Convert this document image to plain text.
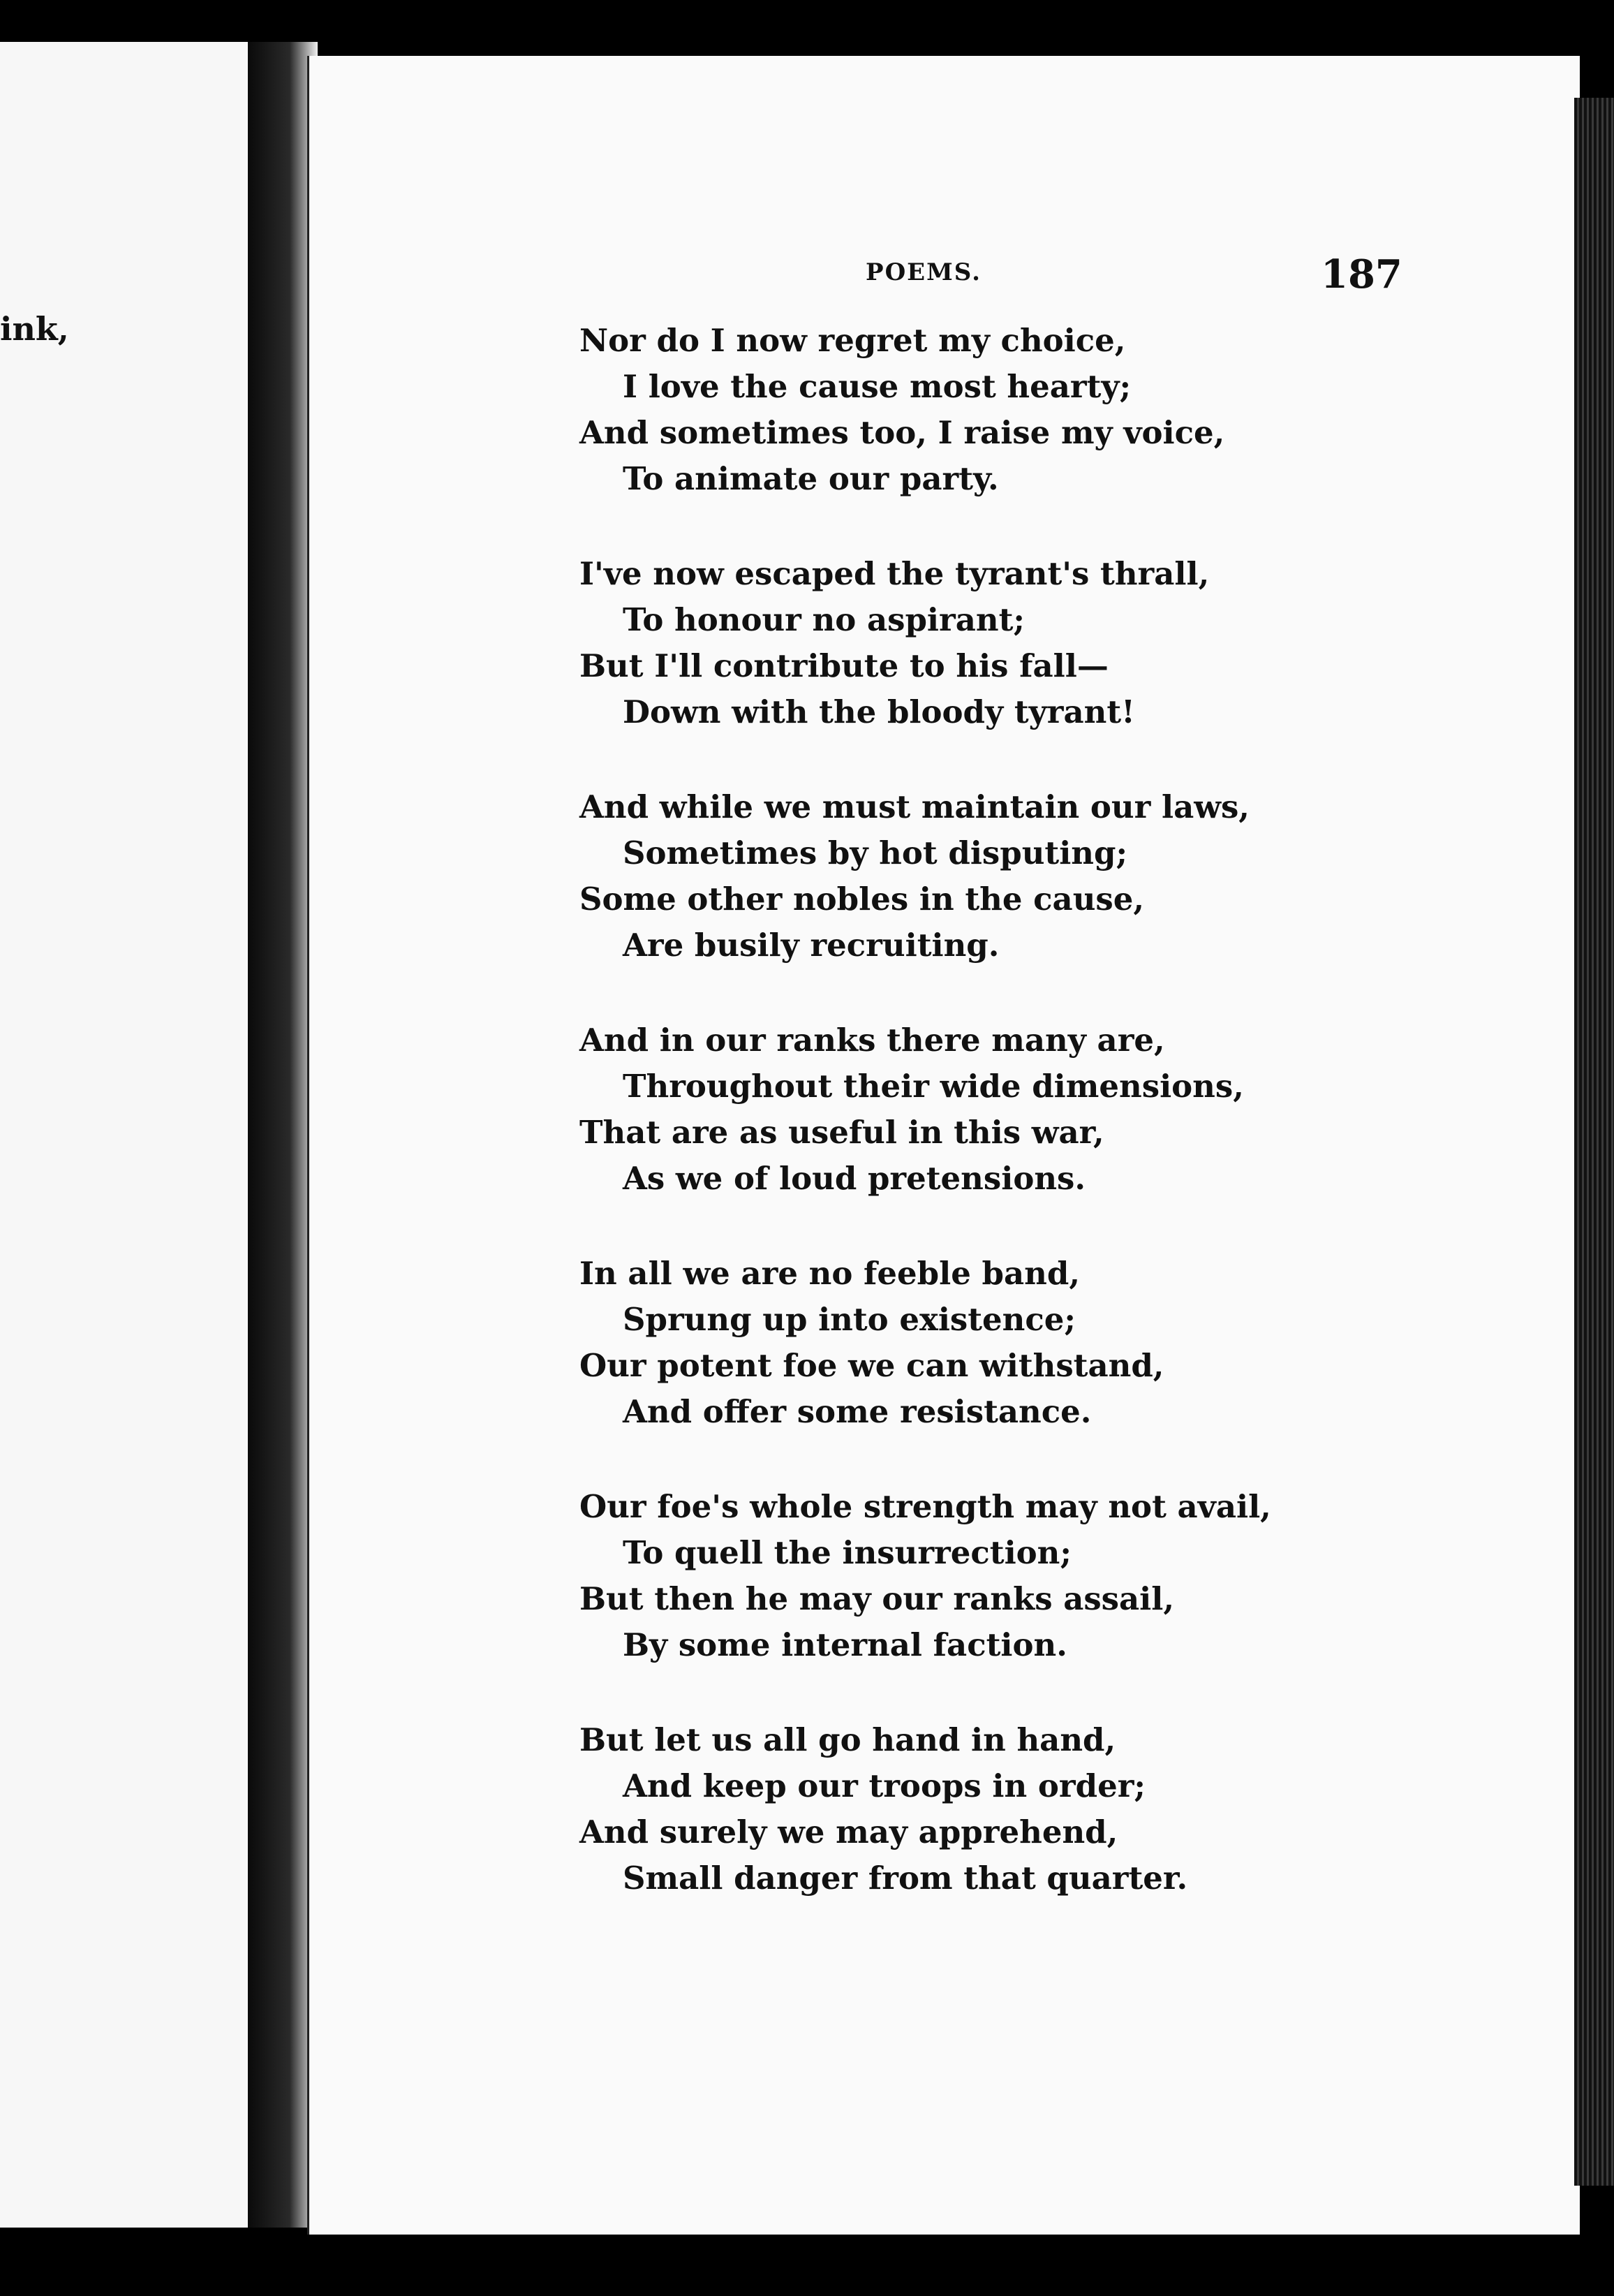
ink,
POEMS.	187
Nor do I now regret my choice,
I love the cause most hearty;
And sometimes too, I raise my voice,
To animate our party.
I've now escaped the tyrant's thrall,
To honour no aspirant;
But I'll contribute to his fall—
Down with the bloody tyrant!
And while we must maintain our laws,
Sometimes by hot disputing;
Some other nobles in the cause,
Are busily recruiting.
And in our ranks there many are,
Throughout their wide dimensions,
That are as useful in this war,
As we of loud pretensions.
In all we are no feeble band,
Sprung up into existence;
Our potent foe we can withstand,
And offer some resistance.
Our foe's whole strength may not avail,
To quell the insurrection;
But then he may our ranks assail,
By some internal faction.
But let us all go hand in hand,
And keep our troops in order;
And surely we may apprehend,
Small danger from that quarter.
